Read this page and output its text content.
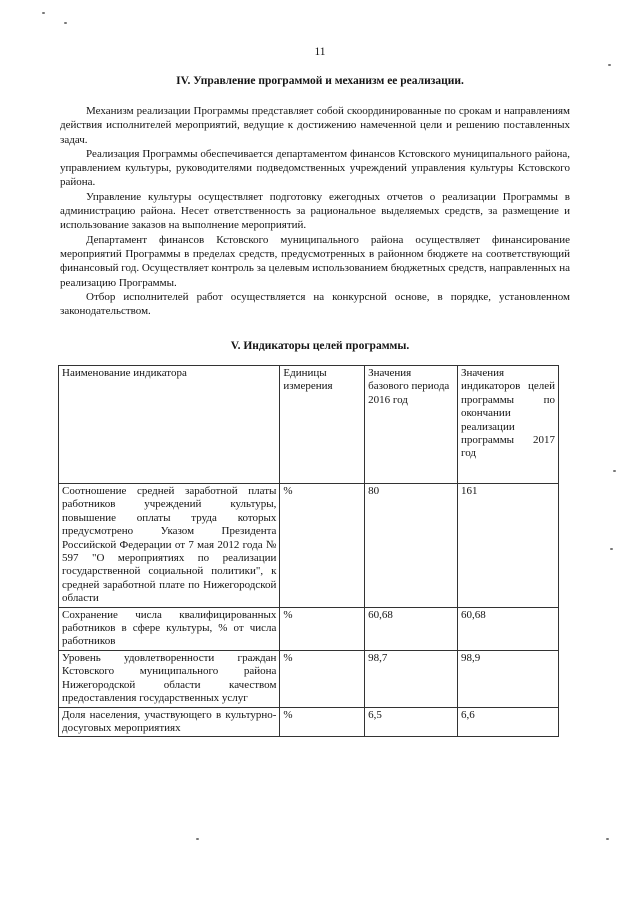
11
IV. Управление программой и механизм ее реализации.

Механизм реализации Программы представляет собой скоординированные по срокам и направлениям действия исполнителей мероприятий, ведущие к достижению намеченной цели и решению поставленных задач.

Реализация Программы обеспечивается департаментом финансов Кстовского муниципального района, управлением культуры, руководителями подведомственных учреждений управления культуры Кстовского района.

Управление культуры осуществляет подготовку ежегодных отчетов о реализации Программы в администрацию района. Несет ответственность за рациональное выделяемых средств, за размещение и использование заказов на выполнение мероприятий.

Департамент финансов Кстовского муниципального района осуществляет финансирование мероприятий Программы в пределах средств, предусмотренных в районном бюджете на соответствующий финансовый год. Осуществляет контроль за целевым использованием бюджетных средств, направленных на реализацию Программы.

Отбор исполнителей работ осуществляется на конкурсной основе, в порядке, установленном законодательством.

V. Индикаторы целей программы.
Наименование индикатора	Единицы измерения	Значения базового периода 2016 год	Значения индикаторов целей программы по окончании реализации программы 2017 год

Соотношение средней заработной платы работников учреждений культуры, повышение оплаты труда которых предусмотрено Указом Президента Российской Федерации от 7 мая 2012 года № 597 "О мероприятиях по реализации государственной социальной политики", к средней заработной плате по Нижегородской области	%	80	161
Сохранение числа квалифицированных работников в сфере культуры, % от числа работников	%	60,68	60,68
Уровень удовлетворенности граждан Кстовского муниципального района Нижегородской области качеством предоставления государственных услуг	%	98,7	98,9
Доля населения, участвующего в культурно-досуговых мероприятиях	%	6,5	6,6
